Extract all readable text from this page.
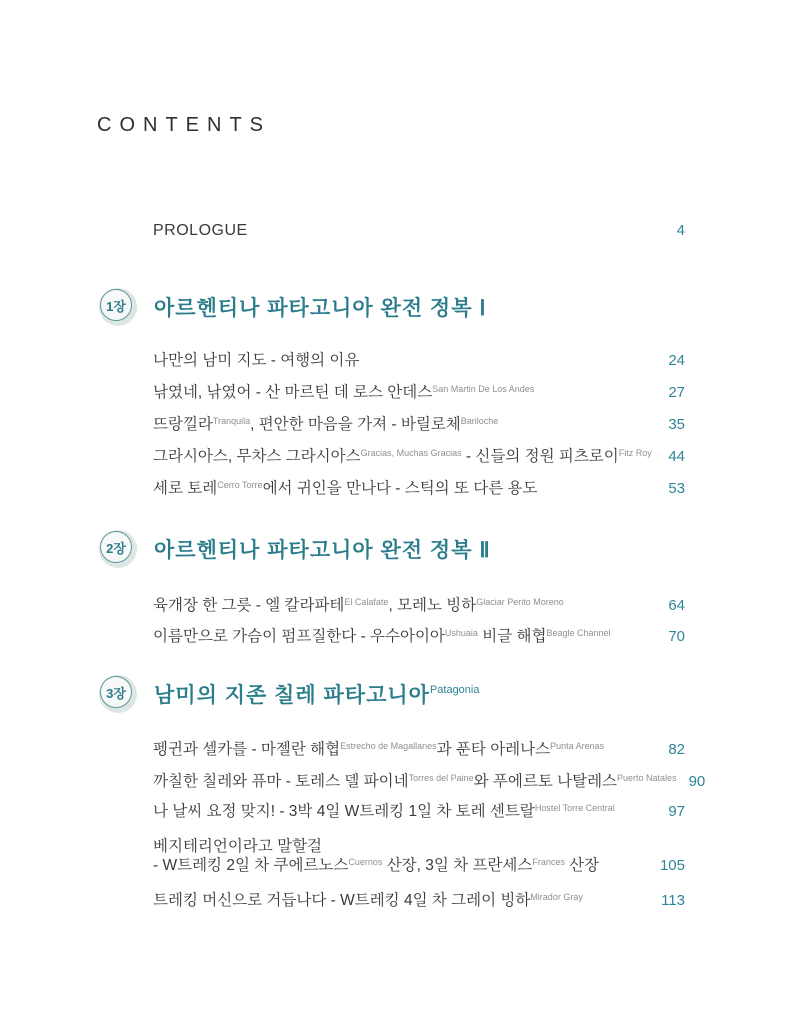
CONTENTS
PROLOGUE	4
1장 아르헨티나 파타고니아 완전 정복 Ⅰ
나만의 남미 지도 - 여행의 이유	24
낚였네, 낚였어 - 산 마르틴 데 로스 안데스$^{San Martin De Los Andes}$	27
뜨랑낄라$^{Tranquila}$, 편안한 마음을 가져 - 바릴로체$^{Bariloche}$	35
그라시아스, 무차스 그라시아스$^{Gracias, Muchas Gracias}$ - 신들의 정원 피츠로이$^{Fitz Roy}$	44
세로 토레$^{Cerro Torre}$에서 귀인을 만나다 - 스틱의 또 다른 용도	53
2장 아르헨티나 파타고니아 완전 정복 Ⅱ
육개장 한 그릇 - 엘 칼라파테$^{El Calafate}$, 모레노 빙하$^{Glaciar Perito Moreno}$	64
이름만으로 가슴이 펌프질한다 - 우수아이아$^{Ushuaia}$ 비글 해협$^{Beagle Channel}$	70
3장 남미의 지존 칠레 파타고니아$^{Patagonia}$
펭귄과 셀카를 - 마젤란 해협$^{Estrecho de Magallanes}$과 푼타 아레나스$^{Punta Arenas}$	82
까칠한 칠레와 퓨마 - 토레스 델 파이네$^{Torres del Paine}$와 푸에르토 나탈레스$^{Puerto Natales}$ 90
나 날씨 요정 맞지! - 3박 4일 W트레킹 1일 차 토레 센트랄$^{Hostel Torre Central}$	97
베지테리언이라고 말할걸
- W트레킹 2일 차 쿠에르노스$^{Cuernos}$ 산장, 3일 차 프란세스$^{Frances}$ 산장	105
트레킹 머신으로 거듭나다 - W트레킹 4일 차 그레이 빙하$^{Mirador Gray}$	113
